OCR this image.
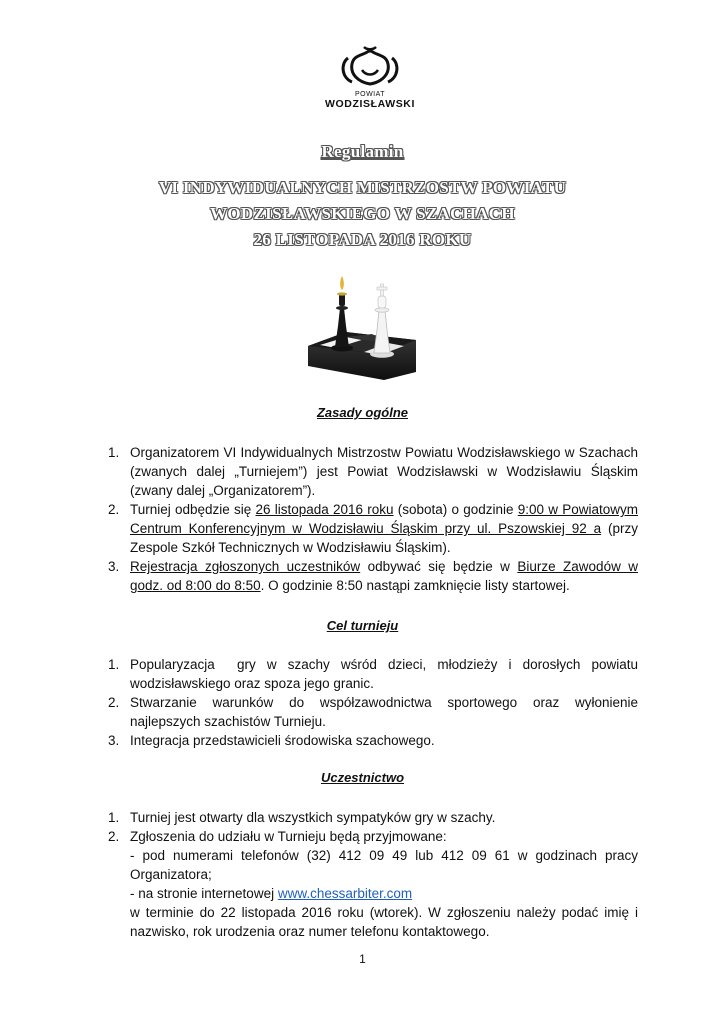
POWIAT
WODZISŁAWSKI
Regulamin
VI INDYWIDUALNYCH MISTRZOSTW POWIATU
WODZISŁAWSKIEGO W SZACHACH
26 LISTOPADA 2016 ROKU
Zasady ogólne
1. Organizatorem VI Indywidualnych Mistrzostw Powiatu Wodzisławskiego w Szachach (zwanych dalej „Turniejem”) jest Powiat Wodzisławski w Wodzisławiu Śląskim (zwany dalej „Organizatorem”).
2. Turniej odbędzie się 26 listopada 2016 roku (sobota) o godzinie 9:00 w Powiatowym Centrum Konferencyjnym w Wodzisławiu Śląskim przy ul. Pszowskiej 92 a (przy Zespole Szkół Technicznych w Wodzisławiu Śląskim).
3. Rejestracja zgłoszonych uczestników odbywać się będzie w Biurze Zawodów w godz. od 8:00 do 8:50. O godzinie 8:50 nastąpi zamknięcie listy startowej.
Cel turnieju
1. Popularyzacja  gry w szachy wśród dzieci, młodzieży i dorosłych powiatu wodzisławskiego oraz spoza jego granic.
2. Stwarzanie warunków do współzawodnictwa sportowego oraz wyłonienie najlepszych szachistów Turnieju.
3. Integracja przedstawicieli środowiska szachowego.
Uczestnictwo
1. Turniej jest otwarty dla wszystkich sympatyków gry w szachy.
2. Zgłoszenia do udziału w Turnieju będą przyjmowane:
- pod numerami telefonów (32) 412 09 49 lub 412 09 61 w godzinach pracy Organizatora;
- na stronie internetowej www.chessarbiter.com
w terminie do 22 listopada 2016 roku (wtorek). W zgłoszeniu należy podać imię i nazwisko, rok urodzenia oraz numer telefonu kontaktowego.
1
